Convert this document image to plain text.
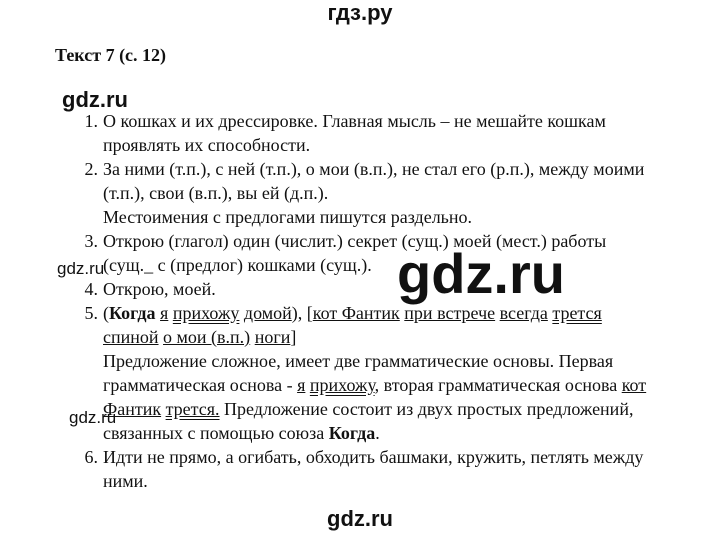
гдз.ру
Текст 7 (с. 12)
gdz.ru
1. О кошках и их дрессировке. Главная мысль – не мешайте кошкам
проявлять их способности.
2. За ними (т.п.), с ней (т.п.), о мои (в.п.), не стал его (р.п.), между моими
(т.п.), свои (в.п.), вы ей (д.п.).
Местоимения с предлогами пишутся раздельно.
3. Открою (глагол) один (числит.) секрет (сущ.) моей (мест.) работы
(сущ._ с (предлог) кошками (сущ.).
4. Открою, моей.
5. (Когда я прихожу домой), [кот Фантик при встрече всегда трется
спиной о мои (в.п.) ноги]
Предложение сложное, имеет две грамматические основы. Первая
грамматическая основа - я прихожу, вторая грамматическая основа кот
Фантик трется. Предложение состоит из двух простых предложений,
связанных с помощью союза Когда.
6. Идти не прямо, а огибать, обходить башмаки, кружить, петлять между
ними.
gdz.ru
gdz.ru
gdz.ru
gdz.ru
